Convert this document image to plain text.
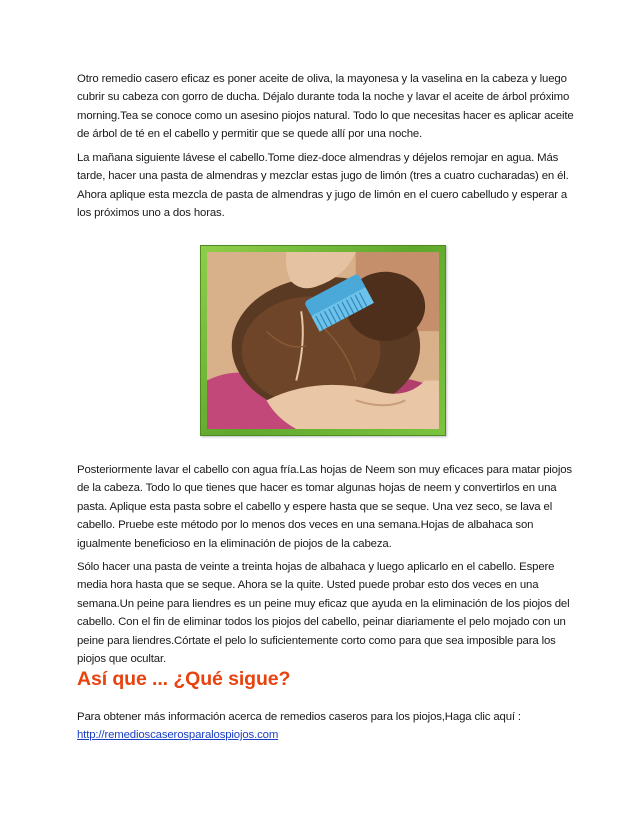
Otro remedio casero eficaz es poner aceite de oliva, la mayonesa y la vaselina en la cabeza y luego cubrir su cabeza con gorro de ducha. Déjalo durante toda la noche y lavar el aceite de árbol próximo morning.Tea se conoce como un asesino piojos natural. Todo lo que necesitas hacer es aplicar aceite de árbol de té en el cabello y permitir que se quede allí por una noche.

La mañana siguiente lávese el cabello.Tome diez-doce almendras y déjelos remojar en agua. Más tarde, hacer una pasta de almendras y mezclar estas jugo de limón (tres a cuatro cucharadas) en él. Ahora aplique esta mezcla de pasta de almendras y jugo de limón en el cuero cabelludo y esperar a los próximos uno a dos horas.

Posteriormente lavar el cabello con agua fría.Las hojas de Neem son muy eficaces para matar piojos de la cabeza. Todo lo que tienes que hacer es tomar algunas hojas de neem y convertirlos en una pasta. Aplique esta pasta sobre el cabello y espere hasta que se seque. Una vez seco, se lava el cabello. Pruebe este método por lo menos dos veces en una semana.Hojas de albahaca son igualmente beneficioso en la eliminación de piojos de la cabeza.

Sólo hacer una pasta de veinte a treinta hojas de albahaca y luego aplicarlo en el cabello. Espere media hora hasta que se seque. Ahora se la quite. Usted puede probar esto dos veces en una semana.Un peine para liendres es un peine muy eficaz que ayuda en la eliminación de los piojos del cabello. Con el fin de eliminar todos los piojos del cabello, peinar diariamente el pelo mojado con un peine para liendres.Córtate el pelo lo suficientemente corto como para que sea imposible para los piojos que ocultar.

Así que ... ¿Qué sigue?

Para obtener más información acerca de remedios caseros para los piojos,Haga clic aquí :

http://remedioscaserosparalospiojos.com
